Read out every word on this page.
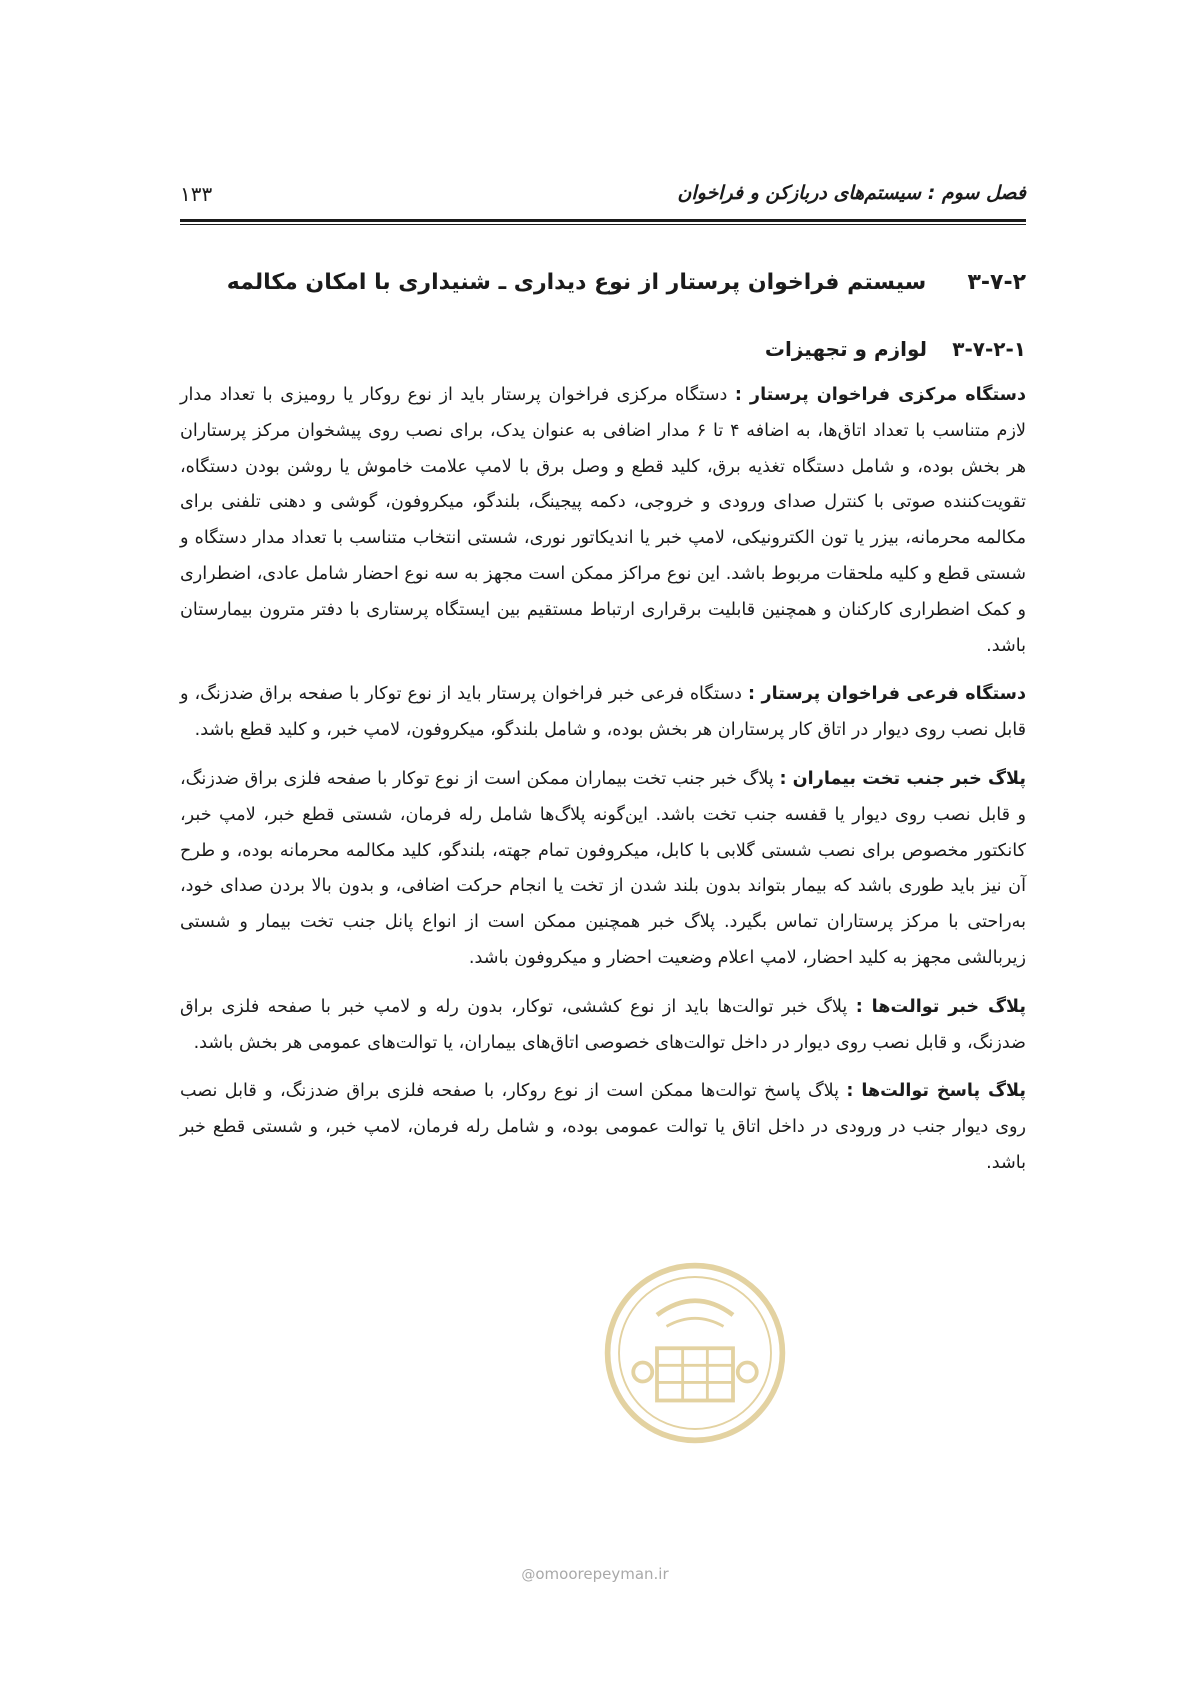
فصل سوم : سیستم‌های دربازکن و فراخوان
۱۳۳
۳-۷-۲ سیستم فراخوان پرستار از نوع دیداری ـ شنیداری با امکان مکالمه
۳-۷-۲-۱ لوازم و تجهیزات

دستگاه مرکزی فراخوان پرستار : دستگاه مرکزی فراخوان پرستار باید از نوع روکار یا رومیزی با تعداد مدار لازم متناسب با تعداد اتاق‌ها، به اضافه ۴ تا ۶ مدار اضافی به عنوان یدک، برای نصب روی پیشخوان مرکز پرستاران هر بخش بوده، و شامل دستگاه تغذیه برق، کلید قطع و وصل برق با لامپ علامت خاموش یا روشن بودن دستگاه، تقویت‌کننده صوتی با کنترل صدای ورودی و خروجی، دکمه پیجینگ، بلندگو، میکروفون، گوشی و دهنی تلفنی برای مکالمه محرمانه، بیزر یا تون الکترونیکی، لامپ خبر یا اندیکاتور نوری، شستی انتخاب متناسب با تعداد مدار دستگاه و شستی قطع و کلیه ملحقات مربوط باشد. این نوع مراکز ممکن است مجهز به سه نوع احضار شامل عادی، اضطراری و کمک اضطراری کارکنان و همچنین قابلیت برقراری ارتباط مستقیم بین ایستگاه پرستاری با دفتر مترون بیمارستان باشد.

دستگاه فرعی فراخوان پرستار : دستگاه فرعی خبر فراخوان پرستار باید از نوع توکار با صفحه براق ضدزنگ، و قابل نصب روی دیوار در اتاق کار پرستاران هر بخش بوده، و شامل بلندگو، میکروفون، لامپ خبر، و کلید قطع باشد.

پلاگ خبر جنب تخت بیماران : پلاگ خبر جنب تخت بیماران ممکن است از نوع توکار با صفحه فلزی براق ضدزنگ، و قابل نصب روی دیوار یا قفسه جنب تخت باشد. این‌گونه پلاگ‌ها شامل رله فرمان، شستی قطع خبر، لامپ خبر، کانکتور مخصوص برای نصب شستی گلابی با کابل، میکروفون تمام جهته، بلندگو، کلید مکالمه محرمانه بوده، و طرح آن نیز باید طوری باشد که بیمار بتواند بدون بلند شدن از تخت یا انجام حرکت اضافی، و بدون بالا بردن صدای خود، به‌راحتی با مرکز پرستاران تماس بگیرد. پلاگ خبر همچنین ممکن است از انواع پانل جنب تخت بیمار و شستی زیربالشی مجهز به کلید احضار، لامپ اعلام وضعیت احضار و میکروفون باشد.

پلاگ خبر توالت‌ها : پلاگ خبر توالت‌ها باید از نوع کششی، توکار، بدون رله و لامپ خبر با صفحه فلزی براق ضدزنگ، و قابل نصب روی دیوار در داخل توالت‌های خصوصی اتاق‌های بیماران، یا توالت‌های عمومی هر بخش باشد.

پلاگ پاسخ توالت‌ها : پلاگ پاسخ توالت‌ها ممکن است از نوع روکار، با صفحه فلزی براق ضدزنگ، و قابل نصب روی دیوار جنب در ورودی در داخل اتاق یا توالت عمومی بوده، و شامل رله فرمان، لامپ خبر، و شستی قطع خبر باشد.

@omoorepeyman.ir
